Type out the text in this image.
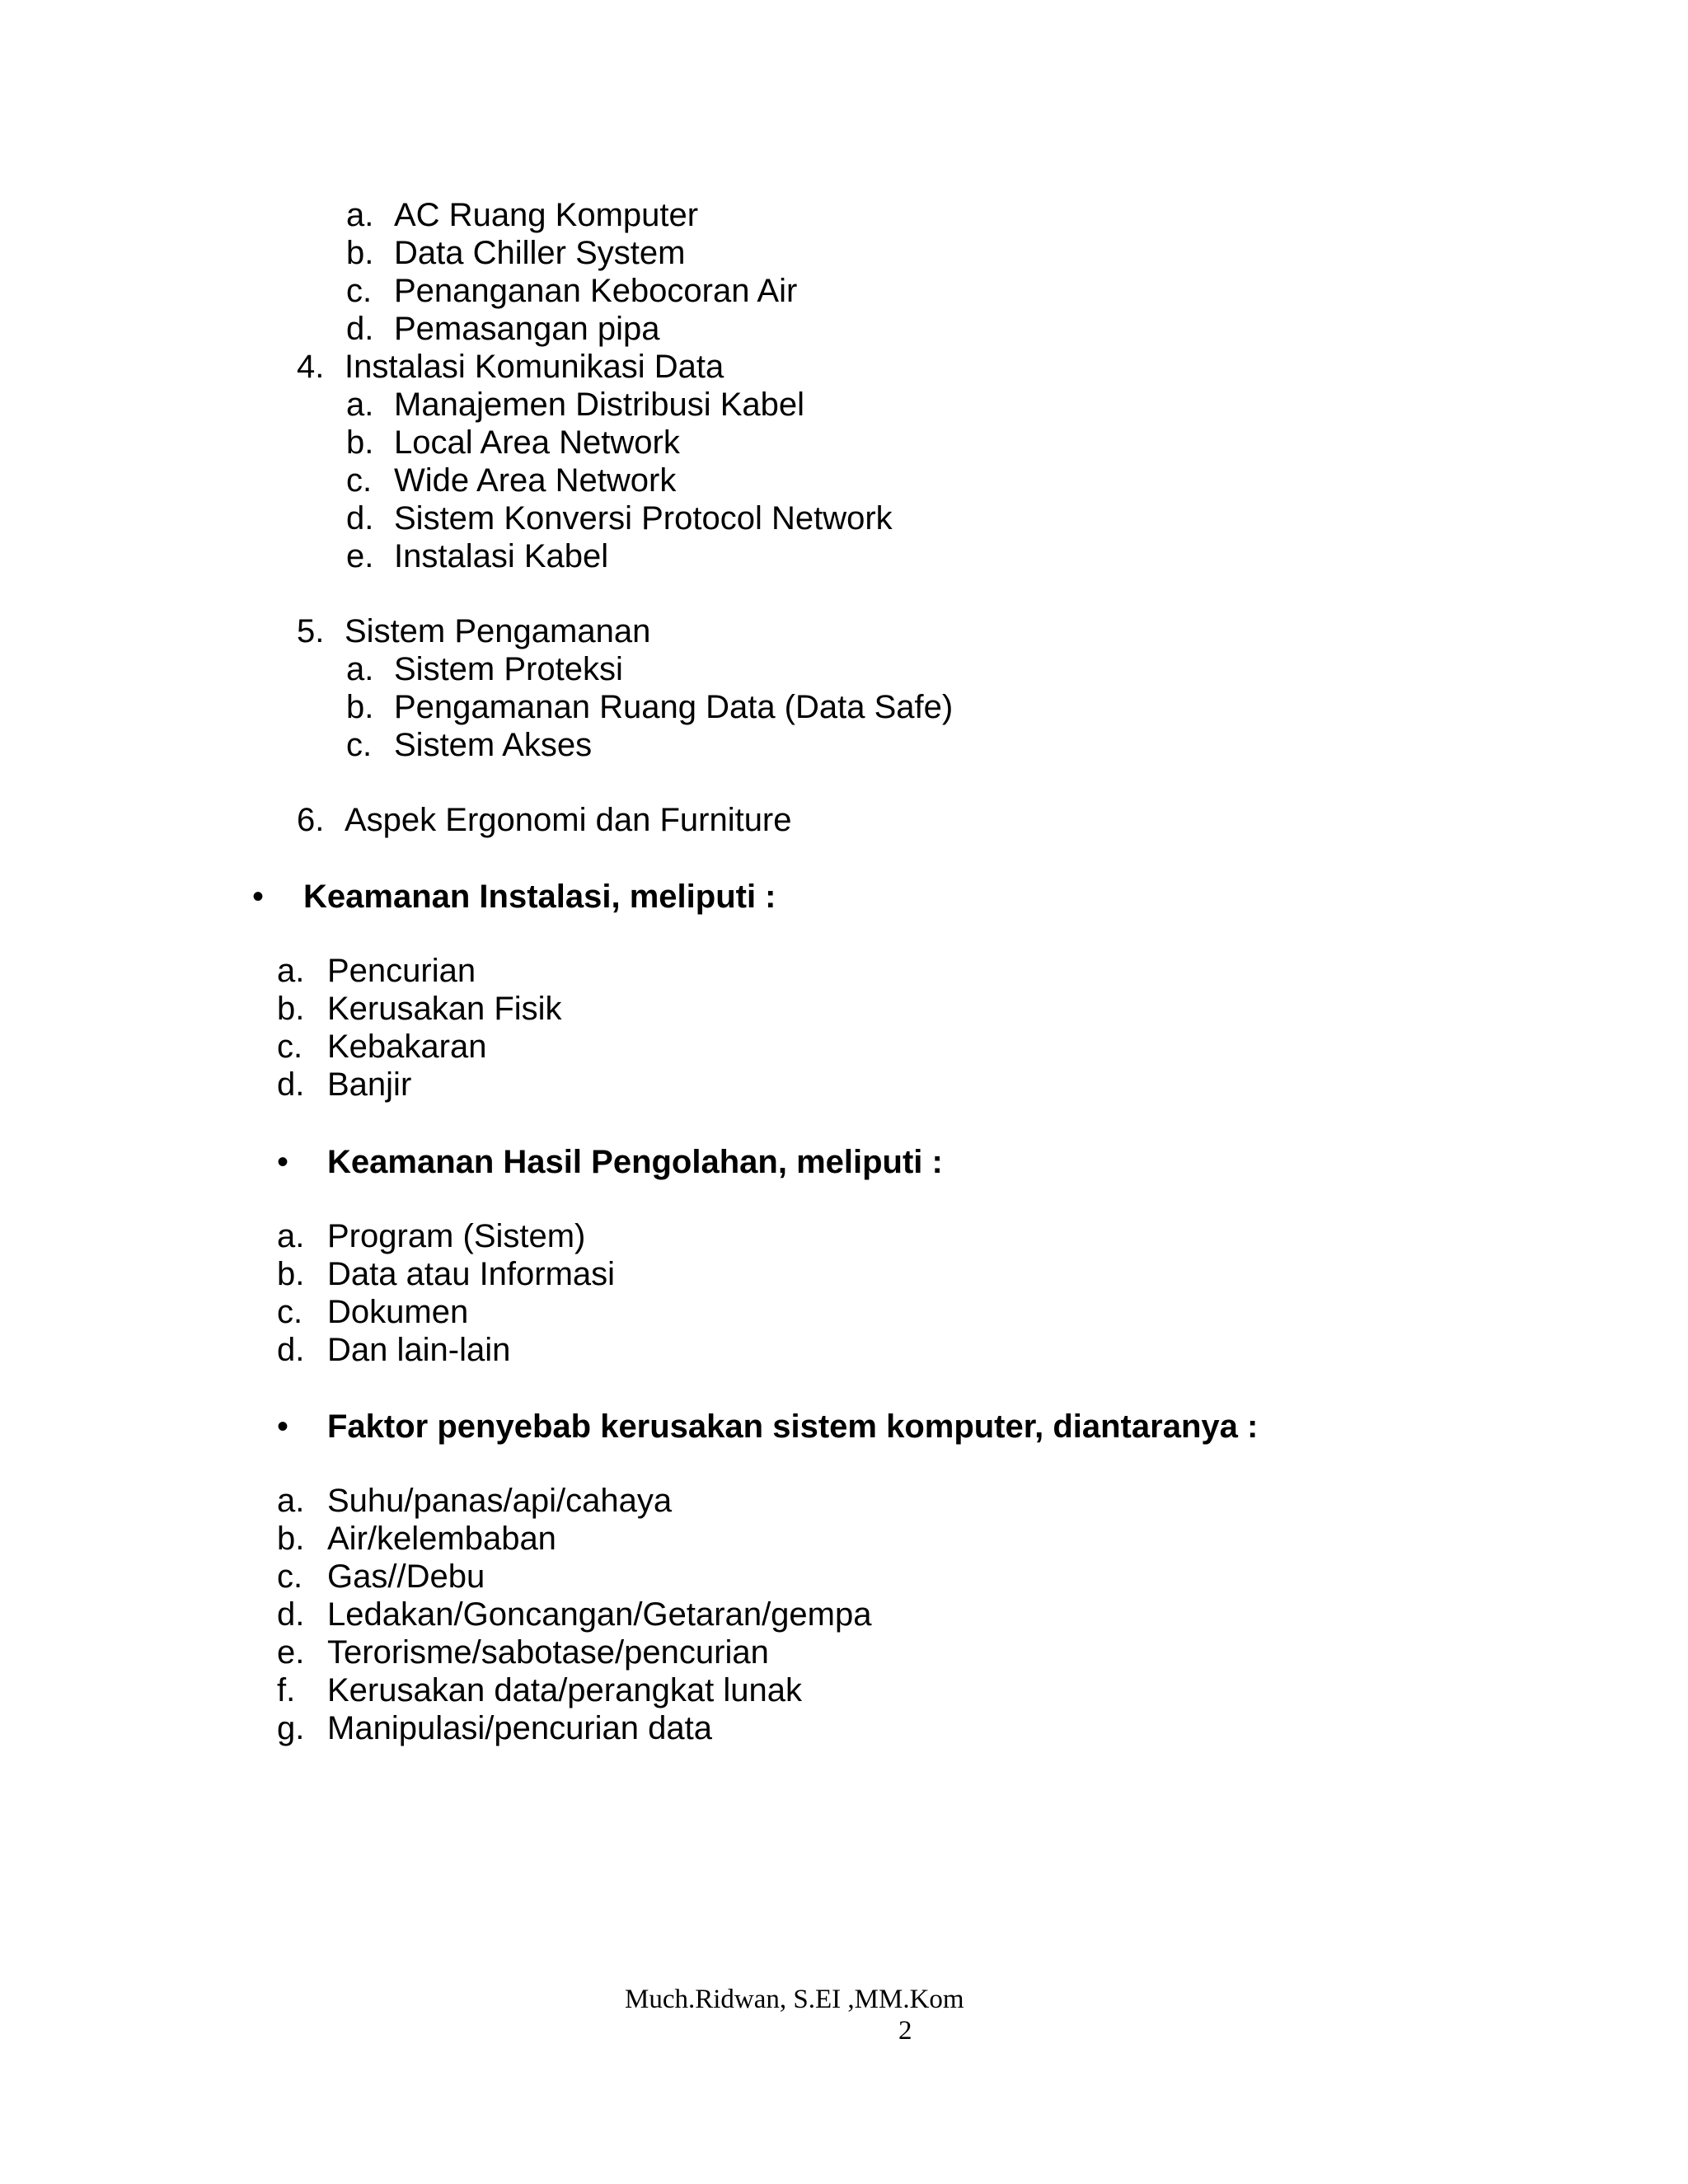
a. AC Ruang Komputer
b. Data Chiller System
c. Penanganan Kebocoran Air
d. Pemasangan pipa
4. Instalasi Komunikasi Data
a. Manajemen Distribusi Kabel
b. Local Area Network
c. Wide Area Network
d. Sistem Konversi Protocol Network
e. Instalasi Kabel
5. Sistem Pengamanan
a. Sistem Proteksi
b. Pengamanan Ruang Data (Data Safe)
c. Sistem Akses
6. Aspek Ergonomi dan Furniture
• Keamanan Instalasi, meliputi :
a. Pencurian
b. Kerusakan Fisik
c. Kebakaran
d. Banjir
• Keamanan Hasil Pengolahan, meliputi :
a. Program (Sistem)
b. Data atau Informasi
c. Dokumen
d. Dan lain-lain
• Faktor penyebab kerusakan sistem komputer, diantaranya :
a. Suhu/panas/api/cahaya
b. Air/kelembaban
c. Gas//Debu
d. Ledakan/Goncangan/Getaran/gempa
e. Terorisme/sabotase/pencurian
f. Kerusakan data/perangkat lunak
g. Manipulasi/pencurian data
Much.Ridwan, S.EI ,MM.Kom
2
